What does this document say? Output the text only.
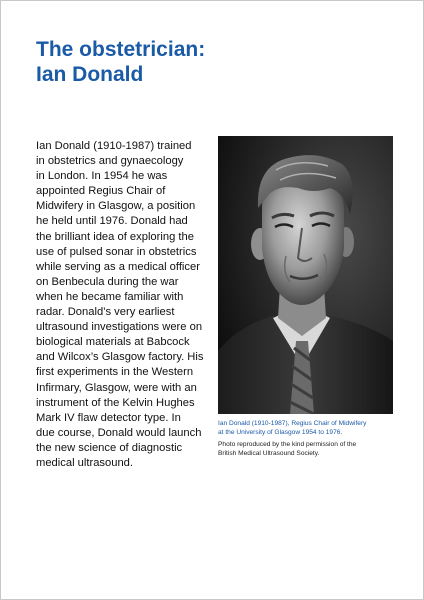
The obstetrician:
Ian Donald
Ian Donald (1910-1987) trained
in obstetrics and gynaecology
in London. In 1954 he was
appointed Regius Chair of
Midwifery in Glasgow, a position
he held until 1976. Donald had
the brilliant idea of exploring the
use of pulsed sonar in obstetrics
while serving as a medical officer
on Benbecula during the war
when he became familiar with
radar. Donald’s very earliest
ultrasound investigations were on
biological materials at Babcock
and Wilcox’s Glasgow factory. His
first experiments in the Western
Infirmary, Glasgow, were with an
instrument of the Kelvin Hughes
Mark IV flaw detector type. In
due course, Donald would launch
the new science of diagnostic
medical ultrasound.
Ian Donald (1910-1987), Regius Chair of Midwifery
at the University of Glasgow 1954 to 1976.
Photo reproduced by the kind permission of the
British Medical Ultrasound Society.
